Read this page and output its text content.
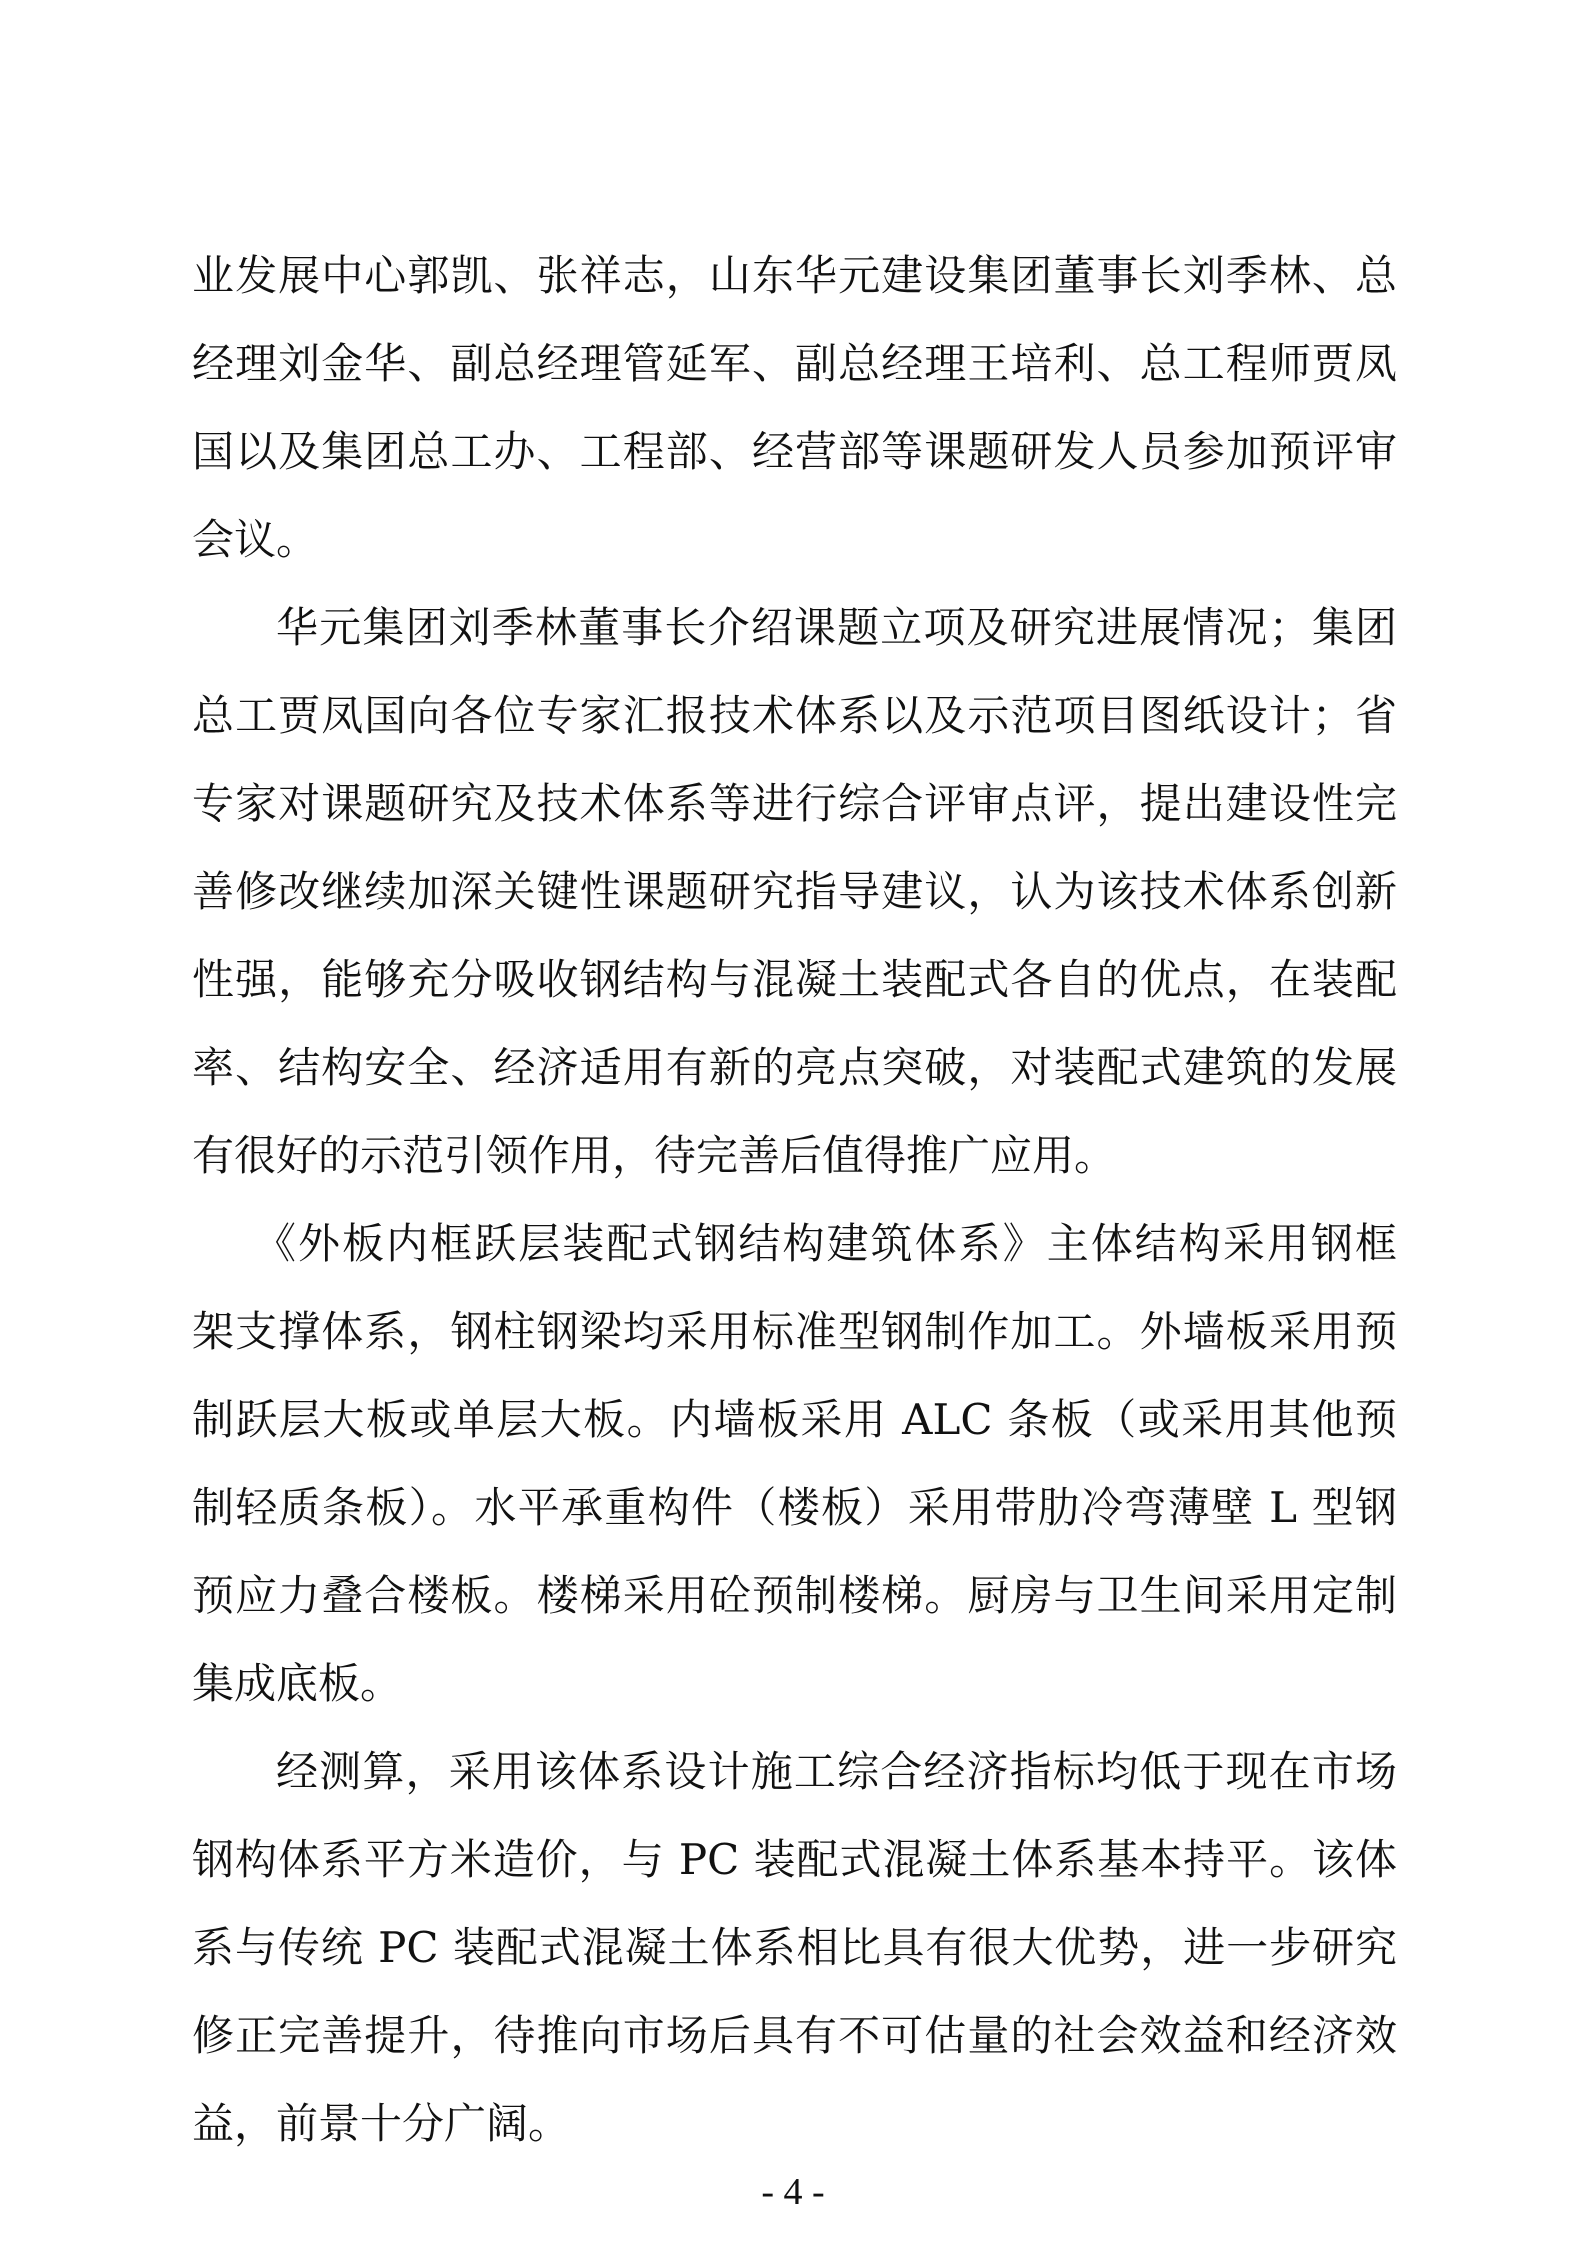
业发展中心郭凯、张祥志，山东华元建设集团董事长刘季林、总
经理刘金华、副总经理管延军、副总经理王培利、总工程师贾凤
国以及集团总工办、工程部、经营部等课题研发人员参加预评审
会议。
华元集团刘季林董事长介绍课题立项及研究进展情况；集团
总工贾凤国向各位专家汇报技术体系以及示范项目图纸设计；省
专家对课题研究及技术体系等进行综合评审点评，提出建设性完
善修改继续加深关键性课题研究指导建议，认为该技术体系创新
性强，能够充分吸收钢结构与混凝土装配式各自的优点，在装配
率、结构安全、经济适用有新的亮点突破，对装配式建筑的发展
有很好的示范引领作用，待完善后值得推广应用。
《外板内框跃层装配式钢结构建筑体系》主体结构采用钢框
架支撑体系，钢柱钢梁均采用标准型钢制作加工。外墙板采用预
制跃层大板或单层大板。内墙板采用 ALC 条板（或采用其他预
制轻质条板）。水平承重构件（楼板）采用带肋冷弯薄壁 L 型钢
预应力叠合楼板。楼梯采用砼预制楼梯。厨房与卫生间采用定制
集成底板。
经测算，采用该体系设计施工综合经济指标均低于现在市场
钢构体系平方米造价，与 PC 装配式混凝土体系基本持平。该体
系与传统 PC 装配式混凝土体系相比具有很大优势，进一步研究
修正完善提升，待推向市场后具有不可估量的社会效益和经济效
益，前景十分广阔。
- 4 -
